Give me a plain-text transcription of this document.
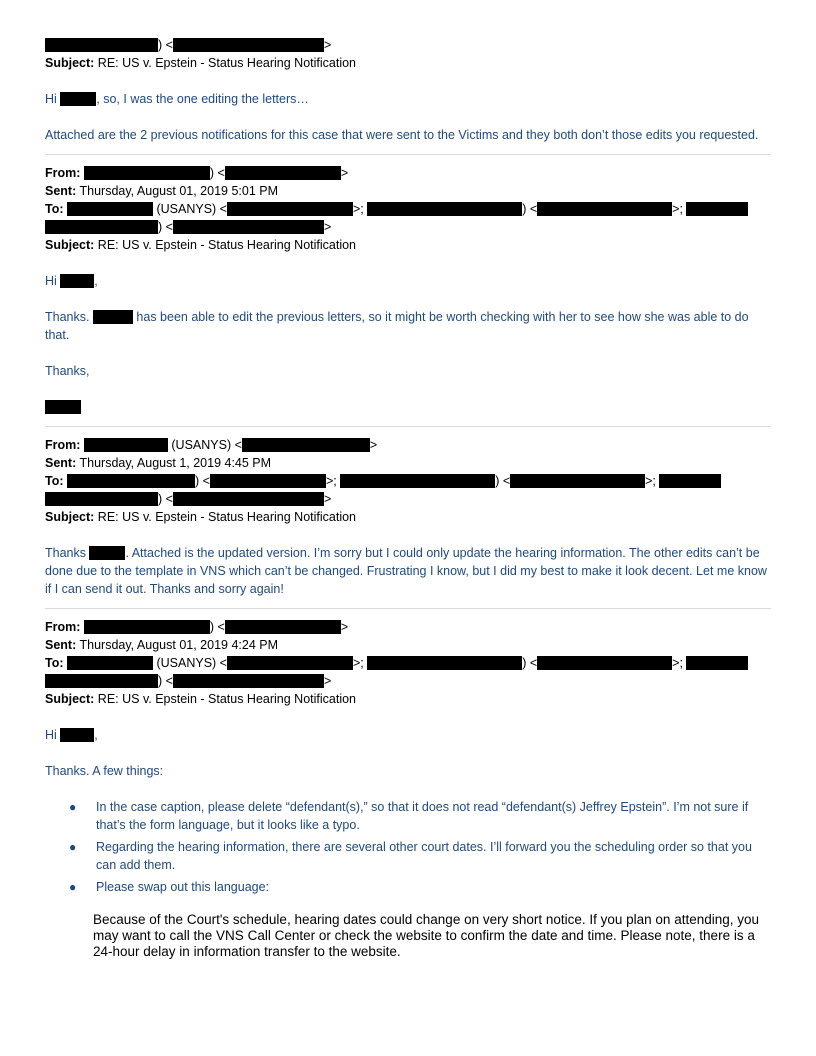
) <	>
Subject: RE: US v. Epstein - Status Hearing Notification
Hi	, so, I was the one editing the letters…
Attached are the 2 previous notifications for this case that were sent to the Victims and they both don’t those edits you requested.
From:	) <	>
Sent: Thursday, August 01, 2019 5:01 PM
To:	(USANYS) <	>;	) <	>;
) <	>
Subject: RE: US v. Epstein - Status Hearing Notification
Hi	,
Thanks.	has been able to edit the previous letters, so it might be worth checking with her to see how she was able to do that.
Thanks,
From:	(USANYS) <	>
Sent: Thursday, August 1, 2019 4:45 PM
To:	) <	>;	) <	>;
) <	>
Subject: RE: US v. Epstein - Status Hearing Notification
Thanks	. Attached is the updated version. I’m sorry but I could only update the hearing information. The other edits can’t be done due to the template in VNS which can’t be changed. Frustrating I know, but I did my best to make it look decent. Let me know if I can send it out. Thanks and sorry again!
From:	) <	>
Sent: Thursday, August 01, 2019 4:24 PM
To:	(USANYS) <	>;	) <	>;
) <	>
Subject: RE: US v. Epstein - Status Hearing Notification
Hi	,
Thanks. A few things:
● In the case caption, please delete “defendant(s),” so that it does not read “defendant(s) Jeffrey Epstein”. I’m not sure if that’s the form language, but it looks like a typo.
● Regarding the hearing information, there are several other court dates. I’ll forward you the scheduling order so that you can add them.
● Please swap out this language:
Because of the Court's schedule, hearing dates could change on very short notice. If you plan on attending, you may want to call the VNS Call Center or check the website to confirm the date and time. Please note, there is a 24-hour delay in information transfer to the website.
